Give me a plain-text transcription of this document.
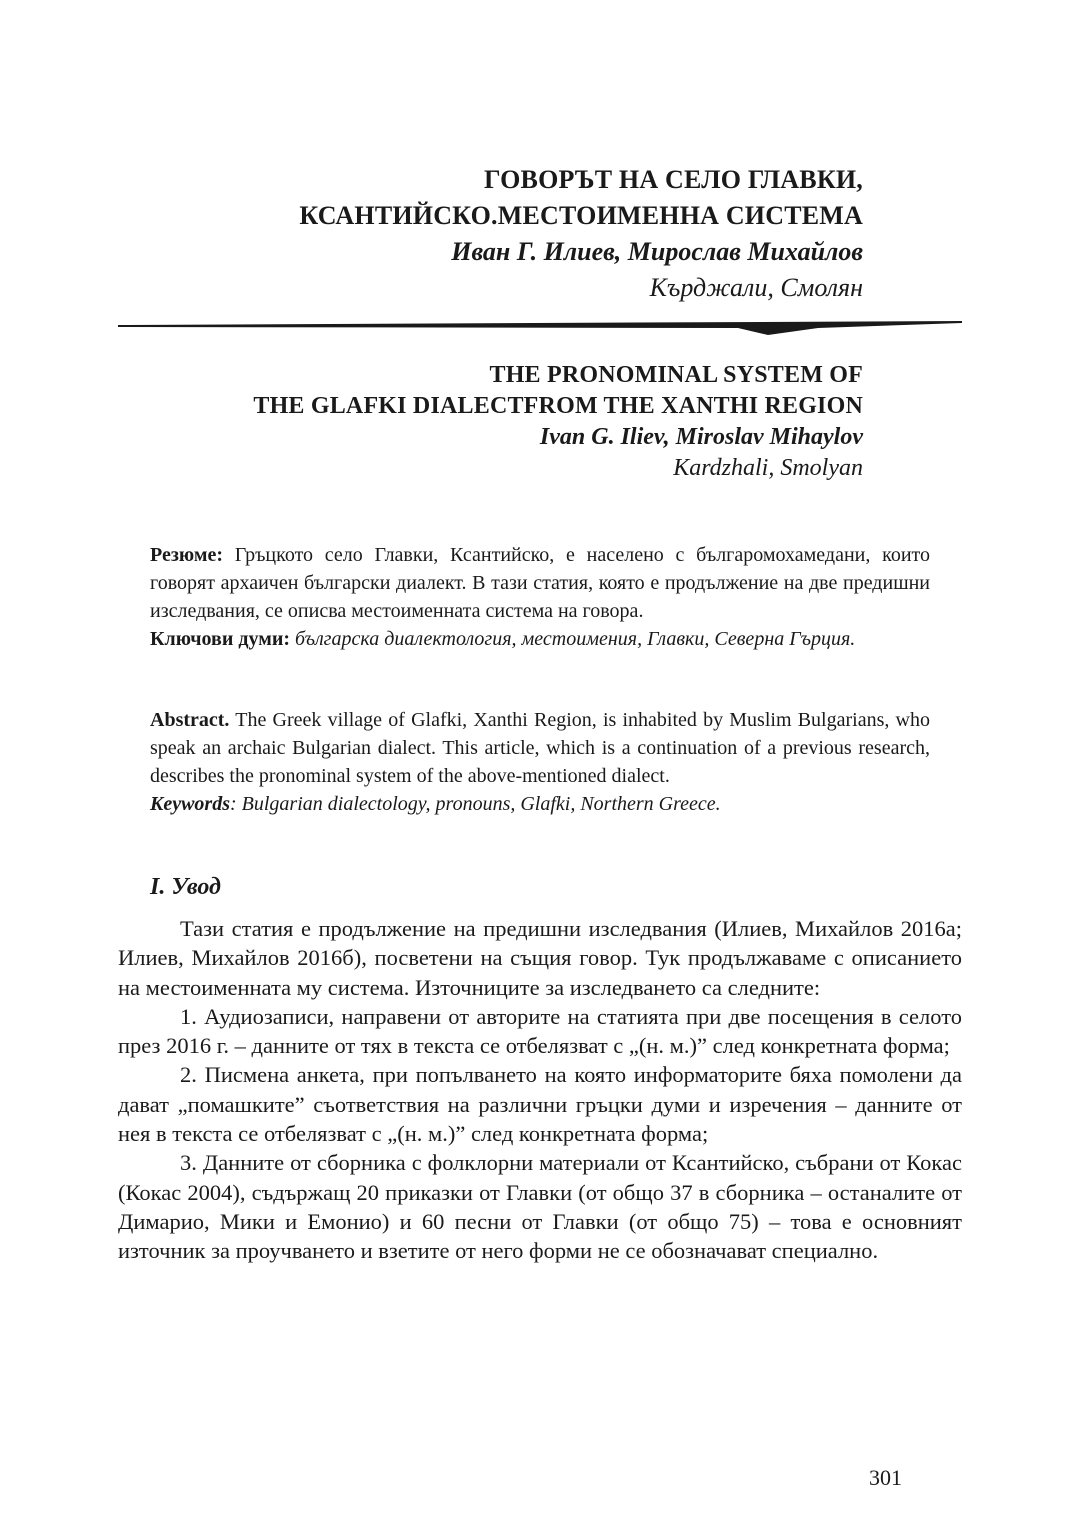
ГОВОРЪТ НА СЕЛО ГЛАВКИ,
КСАНТИЙСКО.МЕСТОИМЕННА СИСТЕМА
Иван Г. Илиев, Мирослав Михайлов
Кърджали, Смолян
THE PRONOMINAL SYSTEM OF
THE GLAFKI DIALECTFROM THE XANTHI REGION
Ivan G. Iliev, Miroslav Mihaylov
Kardzhali, Smolyan

Резюме: Гръцкото село Главки, Ксантийско, е населено с българомохамедани, които говорят архаичен български диалект. В тази статия, която е продължение на две предишни изследвания, се описва местоименната система на говора.

Ключови думи: българска диалектология, местоимения, Главки, Северна Гърция.

Abstract. The Greek village of Glafki, Xanthi Region, is inhabited by Muslim Bulgarians, who speak an archaic Bulgarian dialect. This article, which is a continuation of a previous research, describes the pronominal system of the above-mentioned dialect.

Keywords: Bulgarian dialectology, pronouns, Glafki, Northern Greece.

I. Увод

Тази статия е продължение на предишни изследвания (Илиев, Михайлов 2016а; Илиев, Михайлов 2016б), посветени на същия говор. Тук продължаваме с описанието на местоименната му система. Източниците за изследването са следните:

1. Аудиозаписи, направени от авторите на статията при две посещения в селото през 2016 г. – данните от тях в текста се отбелязват с „(н. м.)” след конкретната форма;

2. Писмена анкета, при попълването на която информаторите бяха помолени да дават „помашките” съответствия на различни гръцки думи и изречения – данните от нея в текста се отбелязват с „(н. м.)” след конкретната форма;

3. Данните от сборника с фолклорни материали от Ксантийско, събрани от Кокас (Кокас 2004), съдържащ 20 приказки от Главки (от общо 37 в сборника – останалите от Димарио, Мики и Емонио) и 60 песни от Главки (от общо 75) – това е основният източник за проучването и взетите от него форми не се обозначават специално.

301
